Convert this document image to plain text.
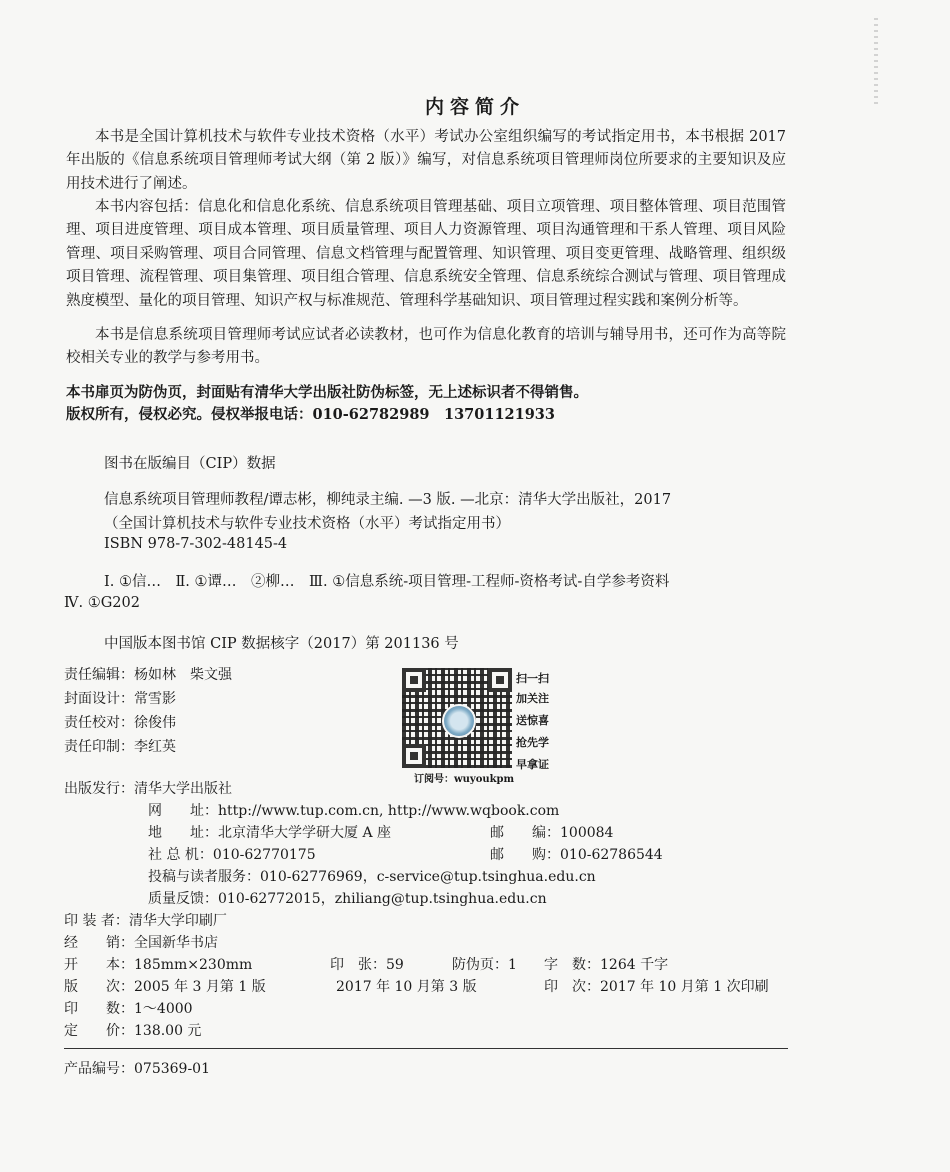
内容简介
本书是全国计算机技术与软件专业技术资格（水平）考试办公室组织编写的考试指定用书，本书根据 2017 年出版的《信息系统项目管理师考试大纲（第 2 版）》编写，对信息系统项目管理师岗位所要求的主要知识及应用技术进行了阐述。
本书内容包括：信息化和信息化系统、信息系统项目管理基础、项目立项管理、项目整体管理、项目范围管理、项目进度管理、项目成本管理、项目质量管理、项目人力资源管理、项目沟通管理和干系人管理、项目风险管理、项目采购管理、项目合同管理、信息文档管理与配置管理、知识管理、项目变更管理、战略管理、组织级项目管理、流程管理、项目集管理、项目组合管理、信息系统安全管理、信息系统综合测试与管理、项目管理成熟度模型、量化的项目管理、知识产权与标准规范、管理科学基础知识、项目管理过程实践和案例分析等。
本书是信息系统项目管理师考试应试者必读教材，也可作为信息化教育的培训与辅导用书，还可作为高等院校相关专业的教学与参考用书。
本书扉页为防伪页，封面贴有清华大学出版社防伪标签，无上述标识者不得销售。
版权所有，侵权必究。侵权举报电话：010-62782989　13701121933
图书在版编目（CIP）数据
信息系统项目管理师教程/谭志彬，柳纯录主编. —3 版. —北京：清华大学出版社，2017
（全国计算机技术与软件专业技术资格（水平）考试指定用书）
ISBN 978-7-302-48145-4
Ⅰ. ①信…　Ⅱ. ①谭…　②柳…　Ⅲ. ①信息系统-项目管理-工程师-资格考试-自学参考资料
Ⅳ. ①G202
中国版本图书馆 CIP 数据核字（2017）第 201136 号
责任编辑：杨如林　柴文强
封面设计：常雪影
责任校对：徐俊伟
责任印制：李红英
扫一扫
加关注
送惊喜
抢先学
早拿证
订阅号：wuyoukpm
出版发行：清华大学出版社
网　　址：http://www.tup.com.cn, http://www.wqbook.com
地　　址：北京清华大学学研大厦 A 座	邮　　编：100084
社 总 机：010-62770175	邮　　购：010-62786544
投稿与读者服务：010-62776969，c-service@tup.tsinghua.edu.cn
质量反馈：010-62772015，zhiliang@tup.tsinghua.edu.cn
印 装 者：清华大学印刷厂
经　　销：全国新华书店
开　　本：185mm×230mm	印　张：59	防伪页：1 字　数：1264 千字
版　　次：2005 年 3 月第 1 版	2017 年 10 月第 3 版	印　次：2017 年 10 月第 1 次印刷
印　　数：1～4000
定　　价：138.00 元
产品编号：075369-01
